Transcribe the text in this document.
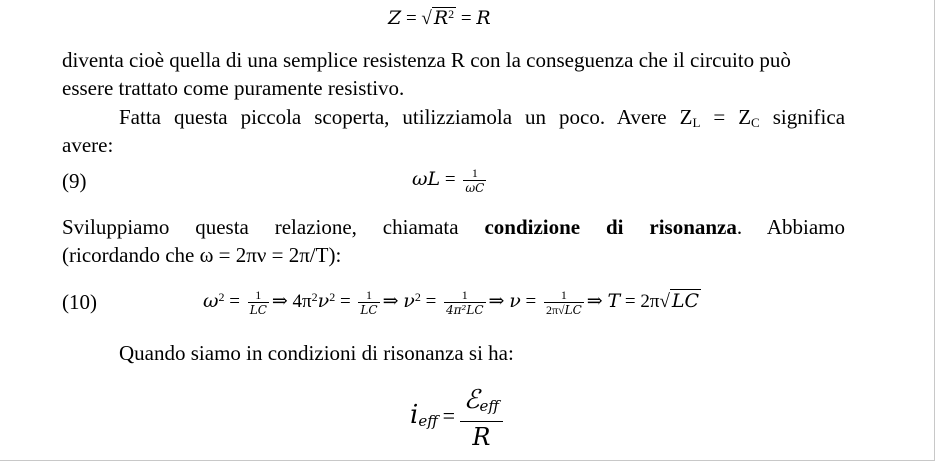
Z = √ $R^2 = R$
diventa cioè quella di una semplice resistenza R con la conseguenza che il circuito può
essere trattato come puramente resistivo.
Fatta questa piccola scoperta, utilizziamola un poco. Avere $Z_L = Z_C$ significa
avere:
(9)	$\omega L = \frac{1}{\omega C}$
Sviluppiamo questa relazione, chiamata condizione di risonanza. Abbiamo
(ricordando che ω = 2πν = 2π/T):
(10)	$\omega^2 = \frac{1}{LC}$ ⇒ $4\pi^2\nu^2 = \frac{1}{LC}$ ⇒ $\nu^2 = \frac{1}{\text{4π²LC}}$ ⇒ $\nu = \frac{1}{2\pi√LC}$ ⇒ T = 2π√ LC
Quando siamo in condizioni di risonanza si ha:
$i_{eff} = \frac{ℰ_{eff}}{R}$
